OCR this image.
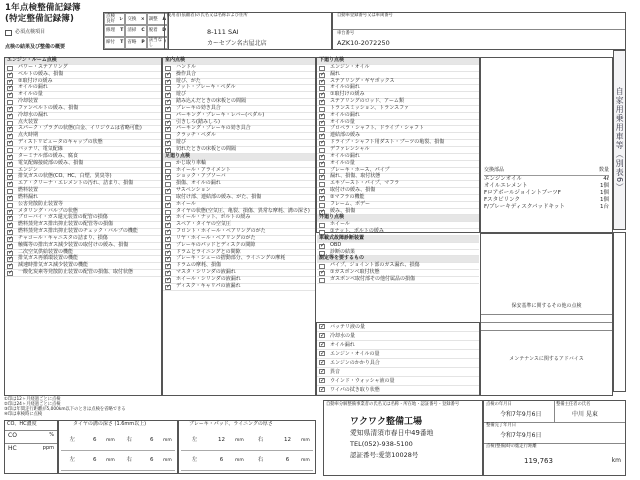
1年点検整備記録簿
(特定整備記録簿)
必須点検項目
点検の結果及び整備の概要
点検良好
レ 交換 × 調整 A
修理 T 清掃 C 脱着 D
締付 T 省略 P
該当なし
/
使用者(依頼者)の氏名又は名称および住所
8-111 SAI
カーセブン名古屋北店
自動車登録番号又は車両番号
車台番号
AZK10-2072250
エンジン・ルーム点検
パワー・ステアリング
✓
ベルトの緩み、損傷
✓
②取付けの緩み
✓
オイルの漏れ
✓
オイルの量
冷却装置
✓
ファンベルトの緩み、損傷
✓
冷却水の漏れ
点火装置
✓
スパーク・プラグの状態(白金、イリジウムは省略可能)
✓
点火時期
✓
ディストリビュータのキャップの状態
バッテリ、電気配線
✓
ターミナル部の緩み、腐食
✓
電気配線接続部の緩み、損傷
エンジン
✓
排気ガスの状態(CO、HC、白煙、異臭等)
✓
エア・クリーナ・エレメントの汚れ、詰まり、損傷
燃料装置
✓
燃料漏れ
公害発散防止装置等
✓
メタリング・バルブの状態
✓
ブローバイ・ガス還元装置の配管の損傷
✓
燃料蒸発ガス排出抑止装置の配管等の損傷
✓
燃料蒸発ガス排出抑止装置のチェック・バルブの機能
✓
チャコール・キャニスタの詰まり、損傷
✓
触媒等の排出ガス減少装置の取付けの緩み、損傷
✓
二次空気供給装置の機能
✓
排気ガス再循環装置の機能
✓
減速時排気ガス減少装置の機能
✓
一酸化炭素等発散防止装置の配管の損傷、取付状態
室内点検
ハンドル
✓
操作具合
✓
遊び、がた
フット・ブレーキ・ペダル
✓
遊び
✓
踏み込んだときの床板との間隔
✓
ブレーキの効き具合
パーキング・ブレーキ・レバー(ペダル)
✓
引きしろ(踏みしろ)
✓
パーキング・ブレーキの効き具合
クラッチ・ペダル
✓
遊び
✓
切れたときの床板との間隔
足廻り点検
かじ取り車輪
ホイール・アライメント
✓
ショック・アブソーバ
損傷、オイルの漏れ
✓
サスペンション
取付け部、連結部の緩み、がた、損傷
✓
ホイール
タイヤの状態(空気圧、亀裂、損傷、異常な摩耗、溝の深さ)
✓
ホイール・ナット、ボルトの緩み
✓
スペア・タイヤの空気圧
✓
フロント・ホイール・ベアリングのがた
✓
リヤ・ホイール・ベアリングのがた
✓
ブレーキのパッドとディスクの間隙
✓
ドラムとライニングとの間隙
✓
ブレーキ・シューの摺動部分、ライニングの摩耗
✓
ドラムの摩耗、損傷
✓
マスタ・シリンダの液漏れ
✓
ホイール・シリンダの液漏れ
✓
ディスク・キャリパの液漏れ
下廻り点検
エンジン・オイル
✓
漏れ
✓
ステアリング・ギヤボックス
オイルの漏れ
✓
①取付けの緩み
✓
ステアリングのロッド、アーム類
トランスミッション、トランスファ
✓
オイルの漏れ
✓
オイルの量
プロペラ・シャフト、ドライブ・シャフト
✓
連結部の緩み
✓
ドライブ・シャフト用ダスト・ブーツの亀裂、損傷
デファレンシャル
✓
オイルの漏れ
✓
オイルの量
ブレーキ・ホース、パイプ
✓
漏れ、損傷、取付状態
エキゾースト・パイプ、マフラ
✓
取付けの緩み、損傷
✓
②マフラの機能
フレーム、ボデー
✓
緩み、損傷
外廻り点検
ホイール
①ナット、ボルトの緩み
車載式故障診断装置
✓
OBD
診断の結果
測定等を要するもの
パイプ、ジョイント部のガス漏れ、損傷
✓
①ガスボンベ取付状態
ガスボンベ取付部その他付属品の損傷
交換部品	数量
エンジンオイル	4ℓ
オイルエレメント	1個
FロアボールジョイントブーツF	1個
Fスタビリンク	1個
F/ブレーキディスクパッドキット	1台
自家用乗用車等（別表6）
✓
バッテリ液の量
✓
冷却水の量
✓
オイル漏れ
✓
エンジン・オイルの量
✓
エンジンのかかり具合
✓
異音
✓
ウインド・ウォッシャ液の量
✓
ワイパの拭き取り状態
保安基準に関するその他の点検
メンテナンスに関するアドバイス
①印は12ヶ月経過ごとに点検
②印は24ヶ月経過ごとに点検
③印は年間走行距離が5,000km以下のときは点検を省略できる
④印は車検時に点検
CO、HC濃度
CO	%
HC	ppm
タイヤの溝の深さ (1.6mm以上)
左	6	mm	右	6	mm
左	6	mm	右	6	mm
ブレーキ・パッド、ライニングの厚さ
左	12	mm	右	12	mm
左	6	mm	右	6	mm
自動車分解整備事業者の氏名又は名称・所在地・認証番号・登録番号
ワクワク整備工場
愛知県清須市春日中49番地
TEL(052)-938-5100
認証番号:愛第10028号
点検の年月日
令和7年9月6日
整備主任者の氏名
中川 晃東
整備完了年月日
令和7年9月6日
点検(整備)時の総走行距離
119,763	km
